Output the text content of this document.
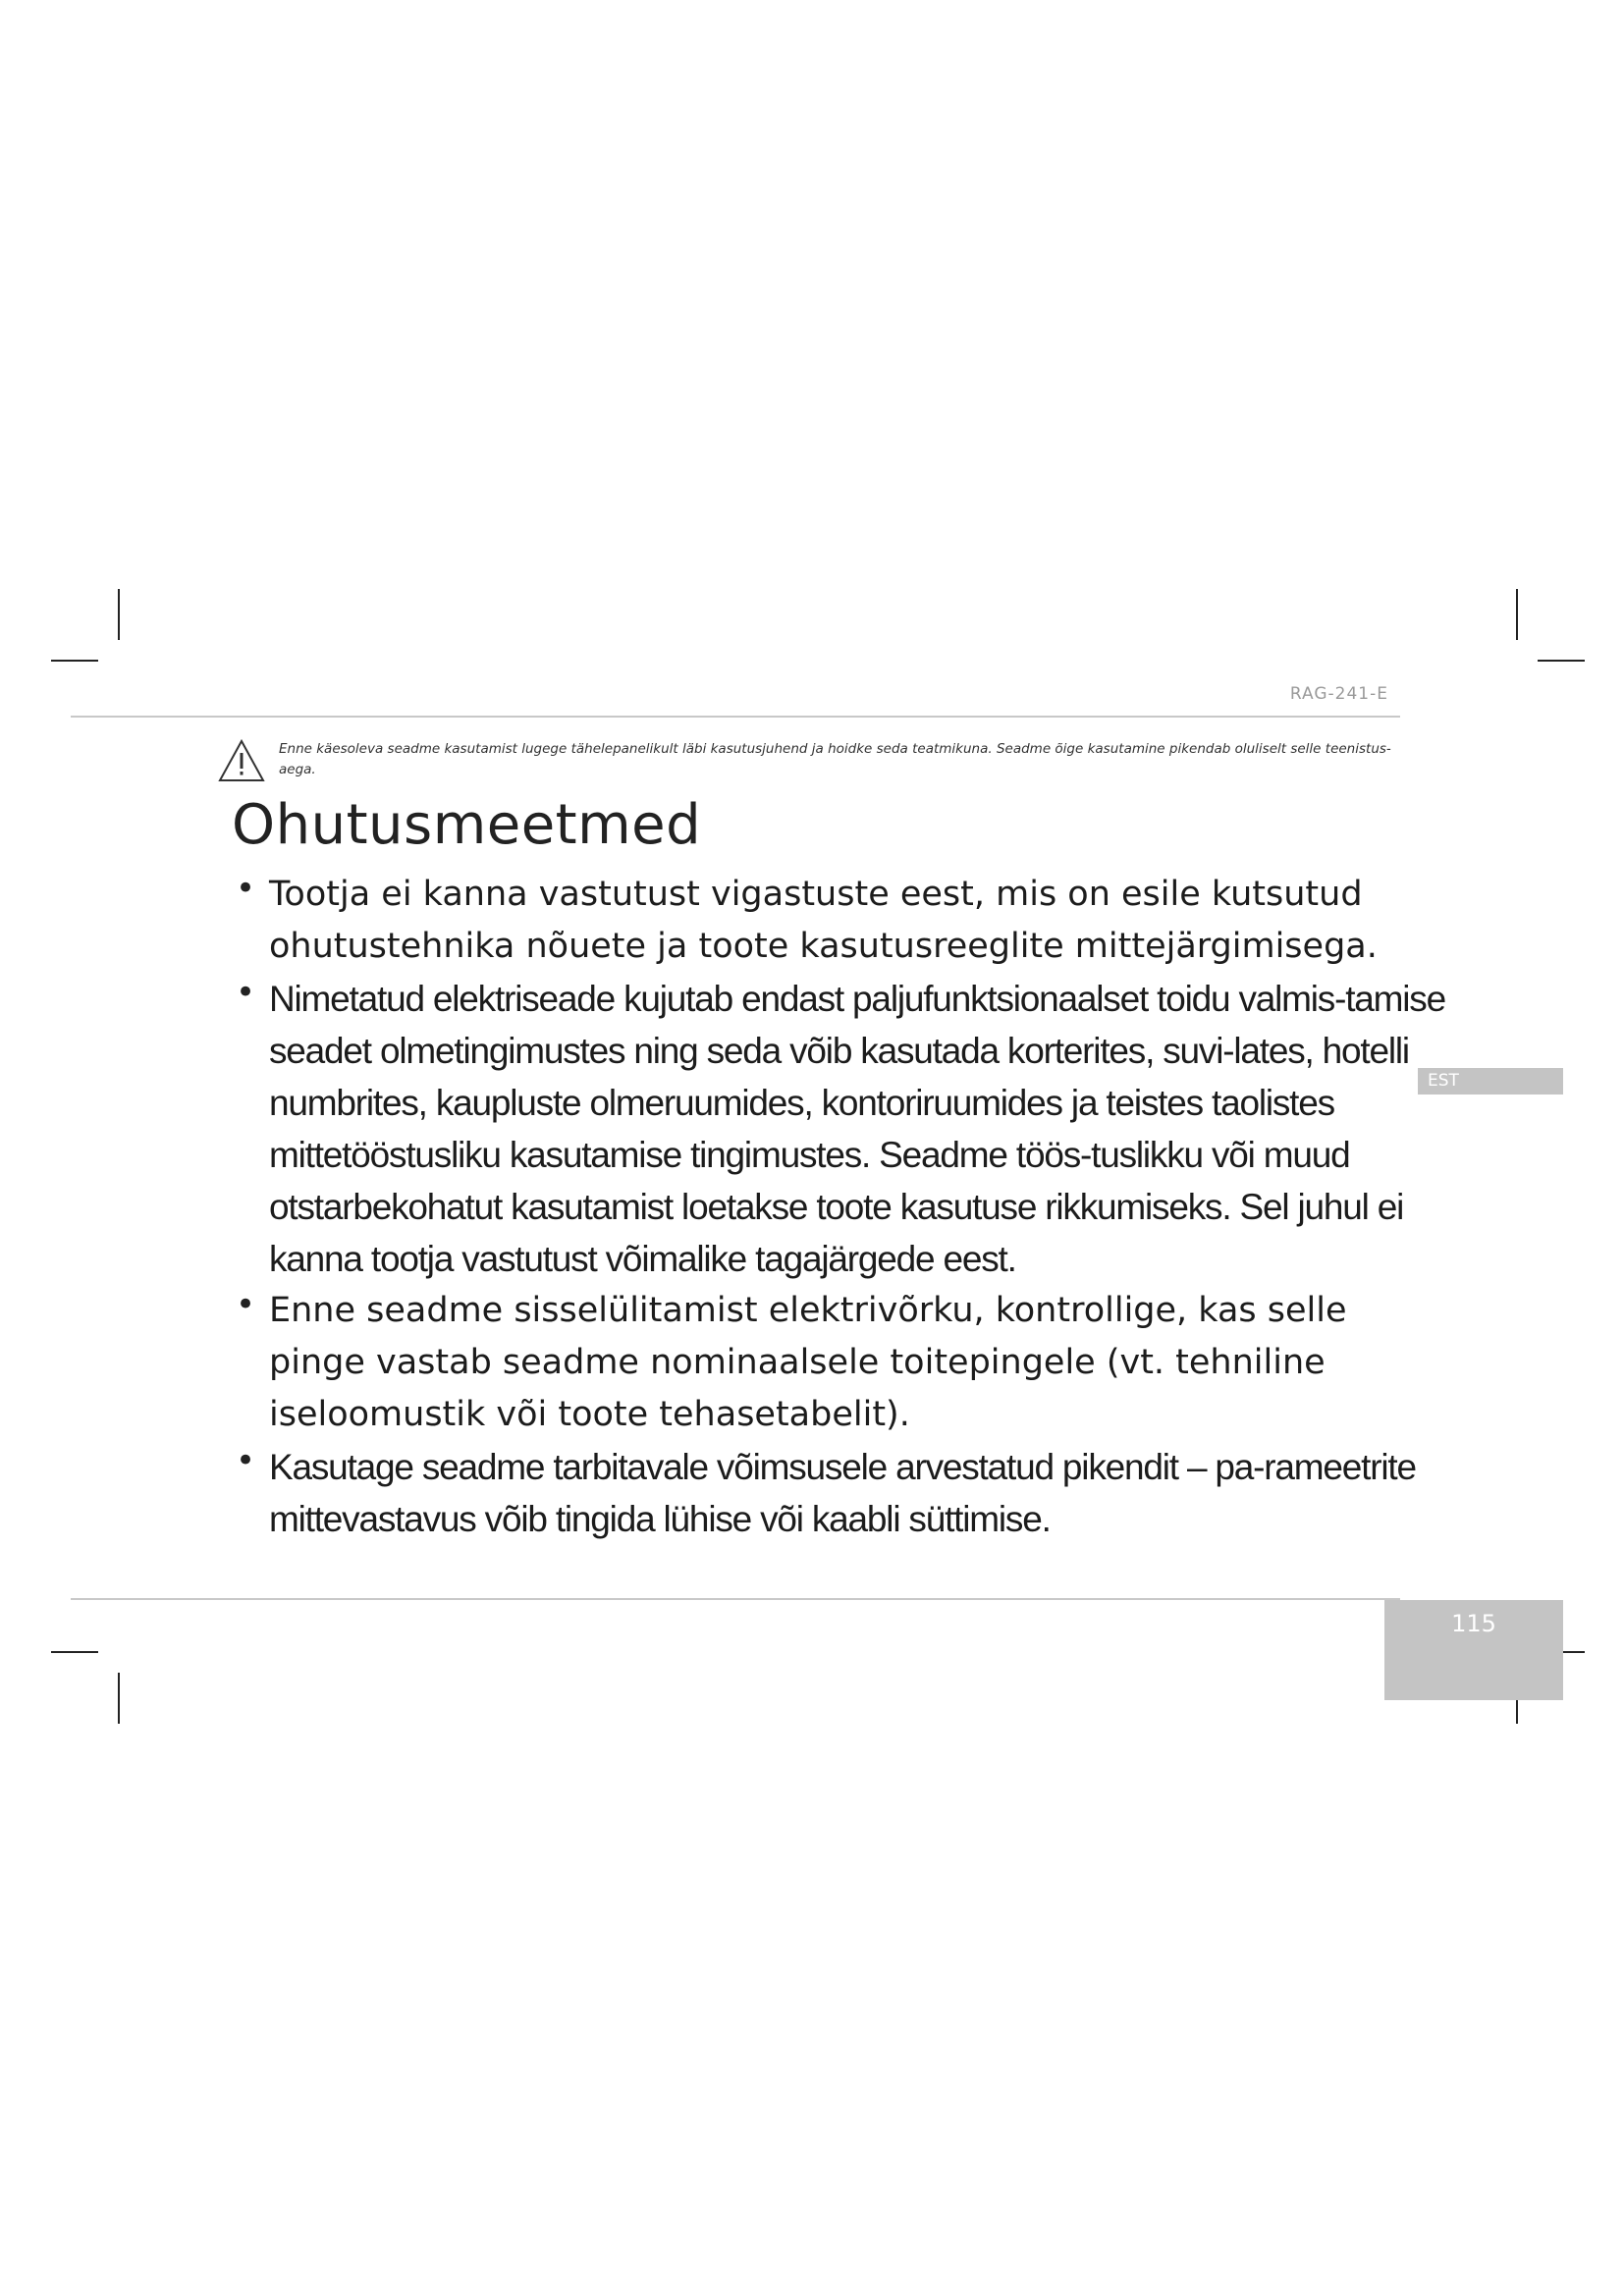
RAG-241-E
Enne käesoleva seadme kasutamist lugege tähelepanelikult läbi kasutusjuhend ja hoidke seda teatmikuna. Seadme õige kasutamine pikendab oluliselt selle teenistus-aega.
Ohutusmeetmed
• Tootja ei kanna vastutust vigastuste eest, mis on esile kutsutud ohutustehnika nõuete ja toote kasutusreeglite mittejärgimisega.
• Nimetatud elektriseade kujutab endast paljufunktsionaalset toidu valmis-tamise seadet olmetingimustes ning seda võib kasutada korterites, suvi-lates, hotelli numbrites, kaupluste olmeruumides, kontoriruumides ja teistes taolistes mittetööstusliku kasutamise tingimustes. Seadme töös-tuslikku või muud otstarbekohatut kasutamist loetakse toote kasutuse rikkumiseks. Sel juhul ei kanna tootja vastutust võimalike tagajärgede eest.
• Enne seadme sisselülitamist elektrivõrku, kontrollige, kas selle pinge vastab seadme nominaalsele toitepingele (vt. tehniline iseloomustik või toote tehasetabelit).
• Kasutage seadme tarbitavale võimsusele arvestatud pikendit – pa-rameetrite mittevastavus võib tingida lühise või kaabli süttimise.
EST
115
